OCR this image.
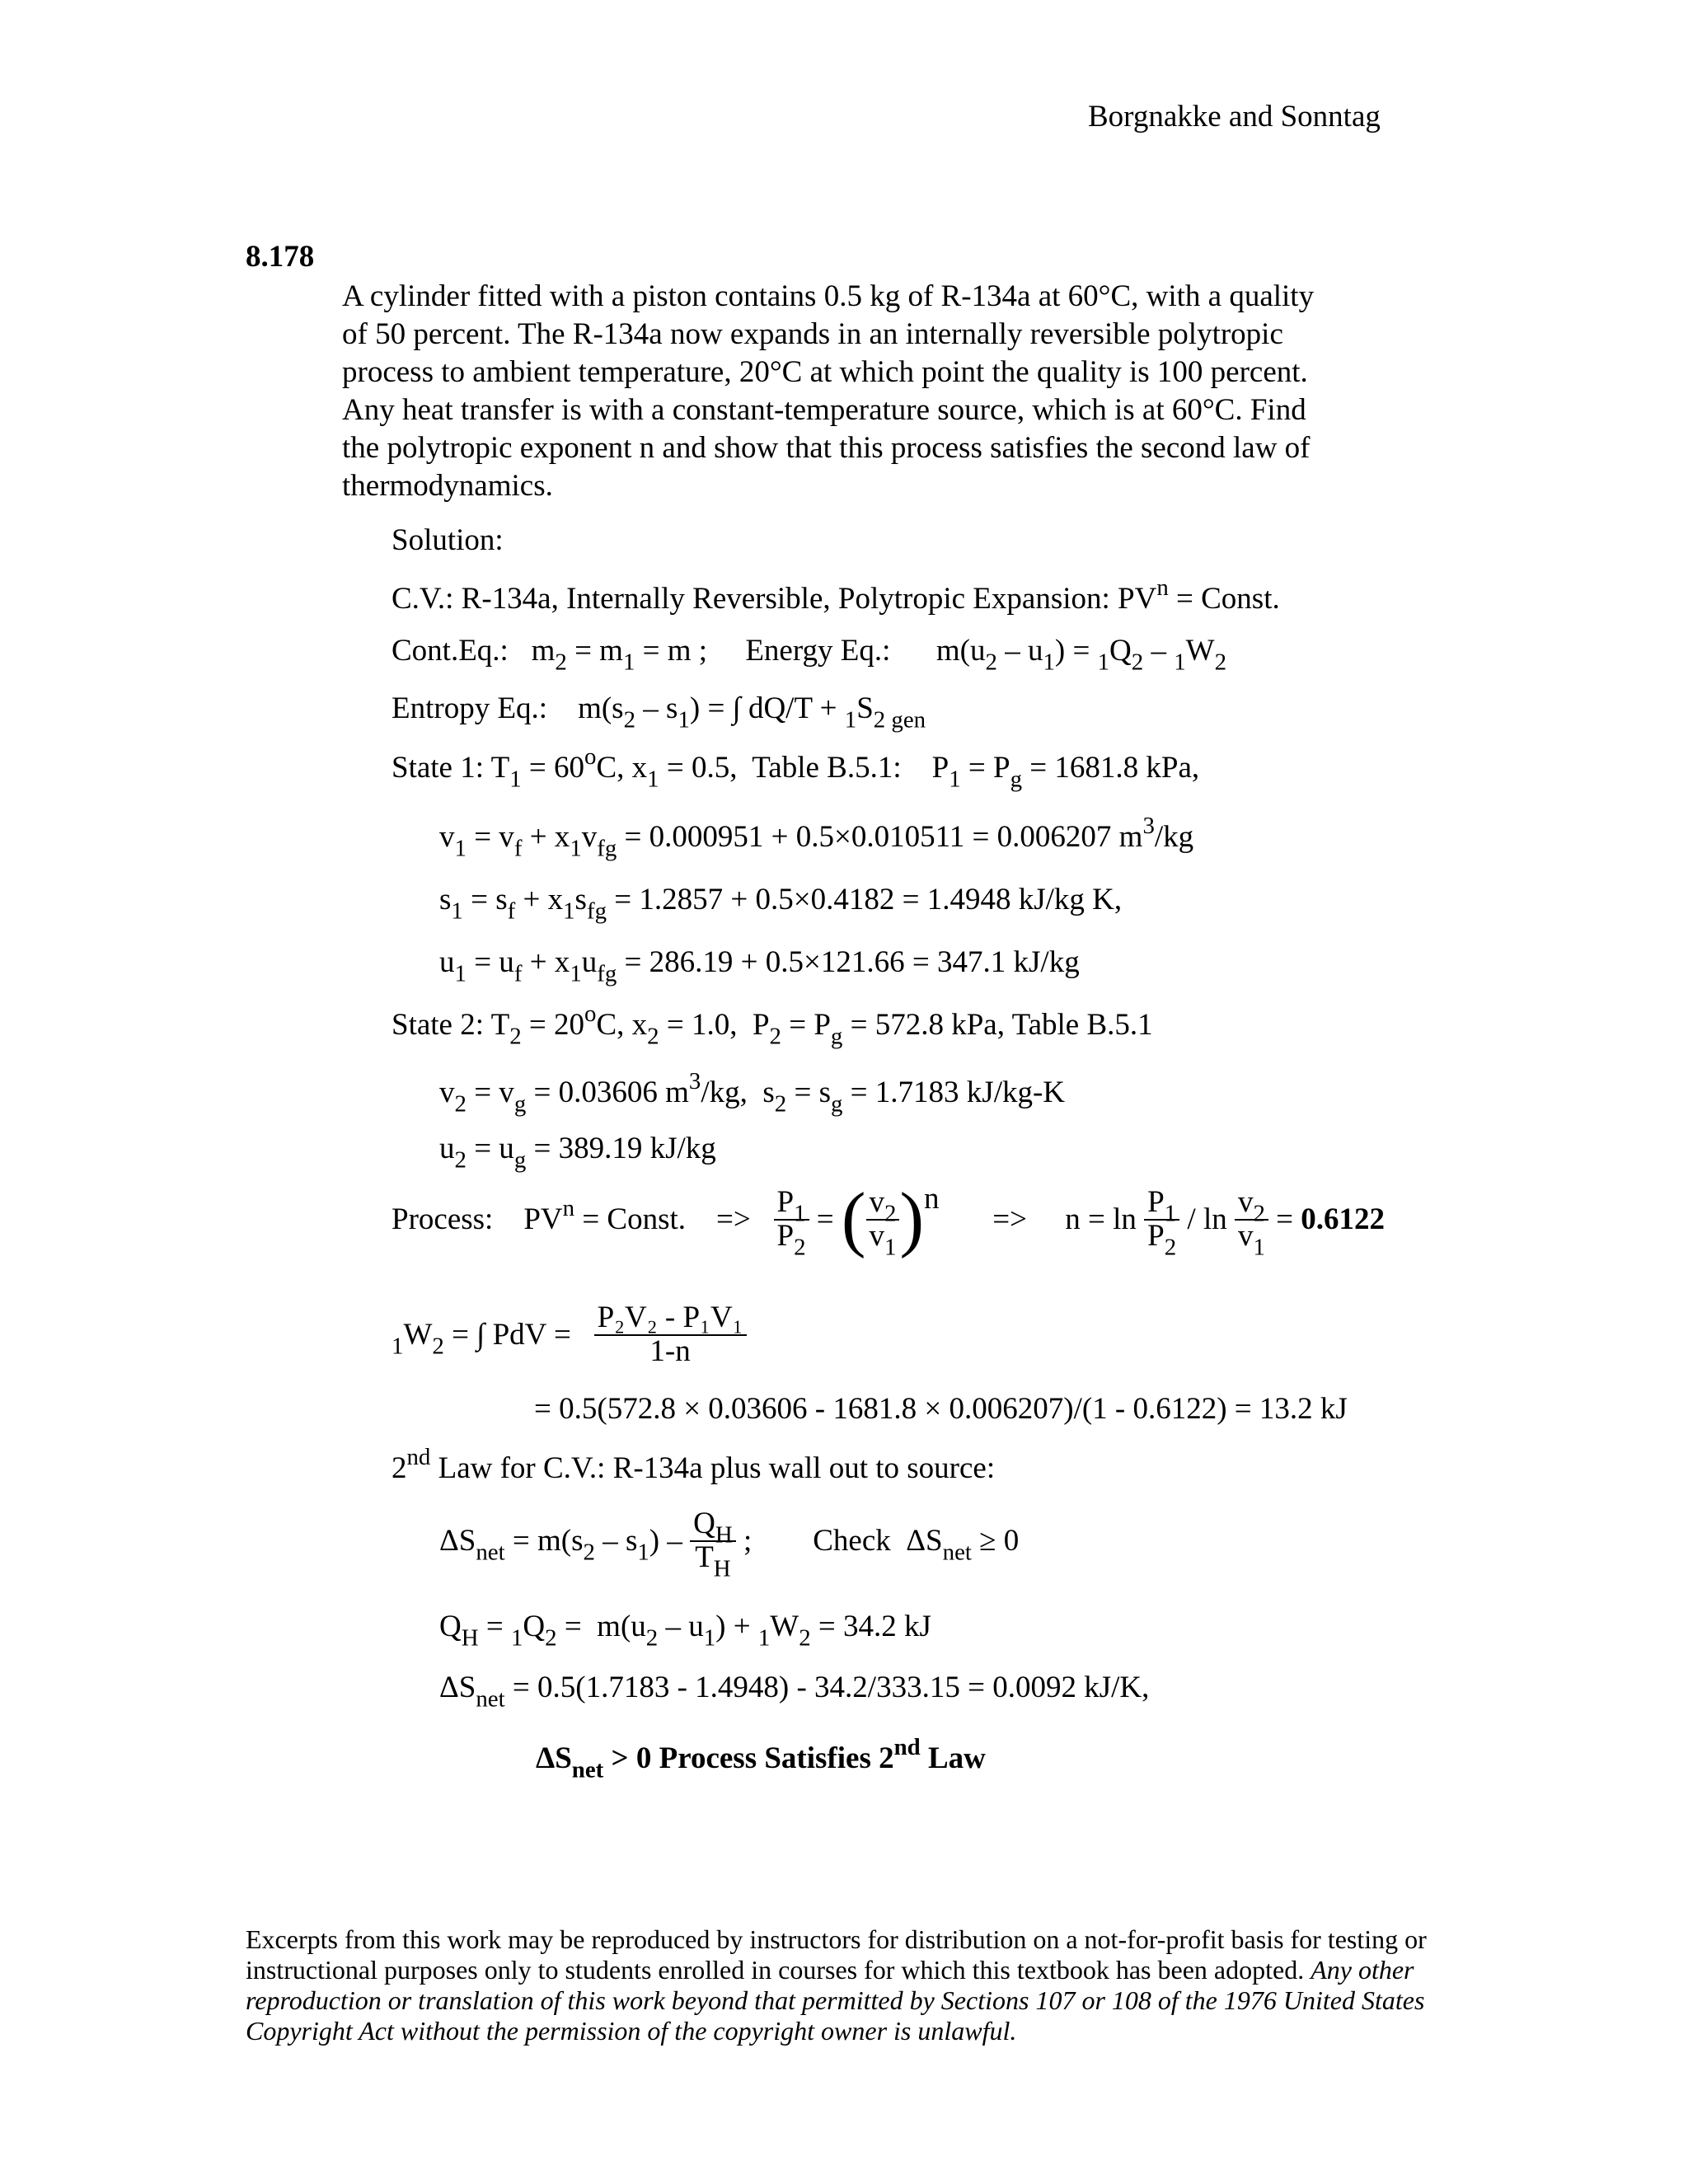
Borgnakke and Sonntag
8.178
A cylinder fitted with a piston contains 0.5 kg of R-134a at 60°C, with a quality
of 50 percent. The R-134a now expands in an internally reversible polytropic
process to ambient temperature, 20°C at which point the quality is 100 percent.
Any heat transfer is with a constant-temperature source, which is at 60°C. Find
the polytropic exponent n and show that this process satisfies the second law of
thermodynamics.
Solution:
C.V.: R-134a, Internally Reversible, Polytropic Expansion: $PV^n$ = Const.
Cont.Eq.:   $m_2 = m_1 = m$ ;     Energy Eq.:      $m(u_2 - u_1) = _1Q_2 - _1W_2$
Entropy Eq.:    $m(s_2 - s_1)$ = ∫ $dQ/T + _1S_{2 gen}$
State 1: $T_1 = 60^oC$, $x_1 = 0.5$,  Table B.5.1:    $P_1 = P_g = 1681.8$ kPa,
$v_1 = v_f + x_1v_{fg} = 0.000951 + 0.5\times 0.010511 = 0.006207$ $m^3/kg$
$s_1 = s_f + x_1s_{fg} = 1.2857 + 0.5\times 0.4182 = 1.4948$ kJ/kg K,
$u_1 = u_f + x_1u_{fg} = 286.19 + 0.5\times 121.66 = 347.1$ kJ/kg
State 2: $T_2 = 20^oC$, $x_2 = 1.0$,  $P_2 = P_g = 572.8$ kPa, Table B.5.1
$v_2 = v_g = 0.03606$ $m^3/kg$,  $s_2 = s_g = 1.7183$ kJ/kg-K
$u_2 = u_g = 389.19$ kJ/kg
Process:    $PV^n$ = Const.    => $\frac{P_1}{P_2}$ = ( $\frac{v_2}{v_1}$ ) n
=>     $n = \ln \frac{P_1}{P_2} / \ln \frac{v_2}{v_1} = 0.6122$
$_1W_2$ = ∫ PdV = $\frac{\text{P₂V₂ - P₁V₁}}{1-n}$
= 0.5(572.8 × 0.03606 - 1681.8 × 0.006207)/(1 - 0.6122) = 13.2 kJ
2nd Law for C.V.: R-134a plus wall out to source:
$\Delta S_{net} = m(s_2 - s_1) - \frac{Q_H}{T_H}$ ;        Check  $\Delta S_{net} \ge 0$
$Q_H = _1Q_2 = m(u_2 - u_1) + _1W_2 = 34.2$ kJ
$\Delta S_{net} = 0.5(1.7183 - 1.4948) - 34.2/333.15 = 0.0092$ kJ/K,
$\Delta S_{net} > 0$ Process Satisfies 2nd Law
Excerpts from this work may be reproduced by instructors for distribution on a not-for-profit basis for testing or instructional purposes only to students enrolled in courses for which this textbook has been adopted. Any other reproduction or translation of this work beyond that permitted by Sections 107 or 108 of the 1976 United States Copyright Act without the permission of the copyright owner is unlawful.
